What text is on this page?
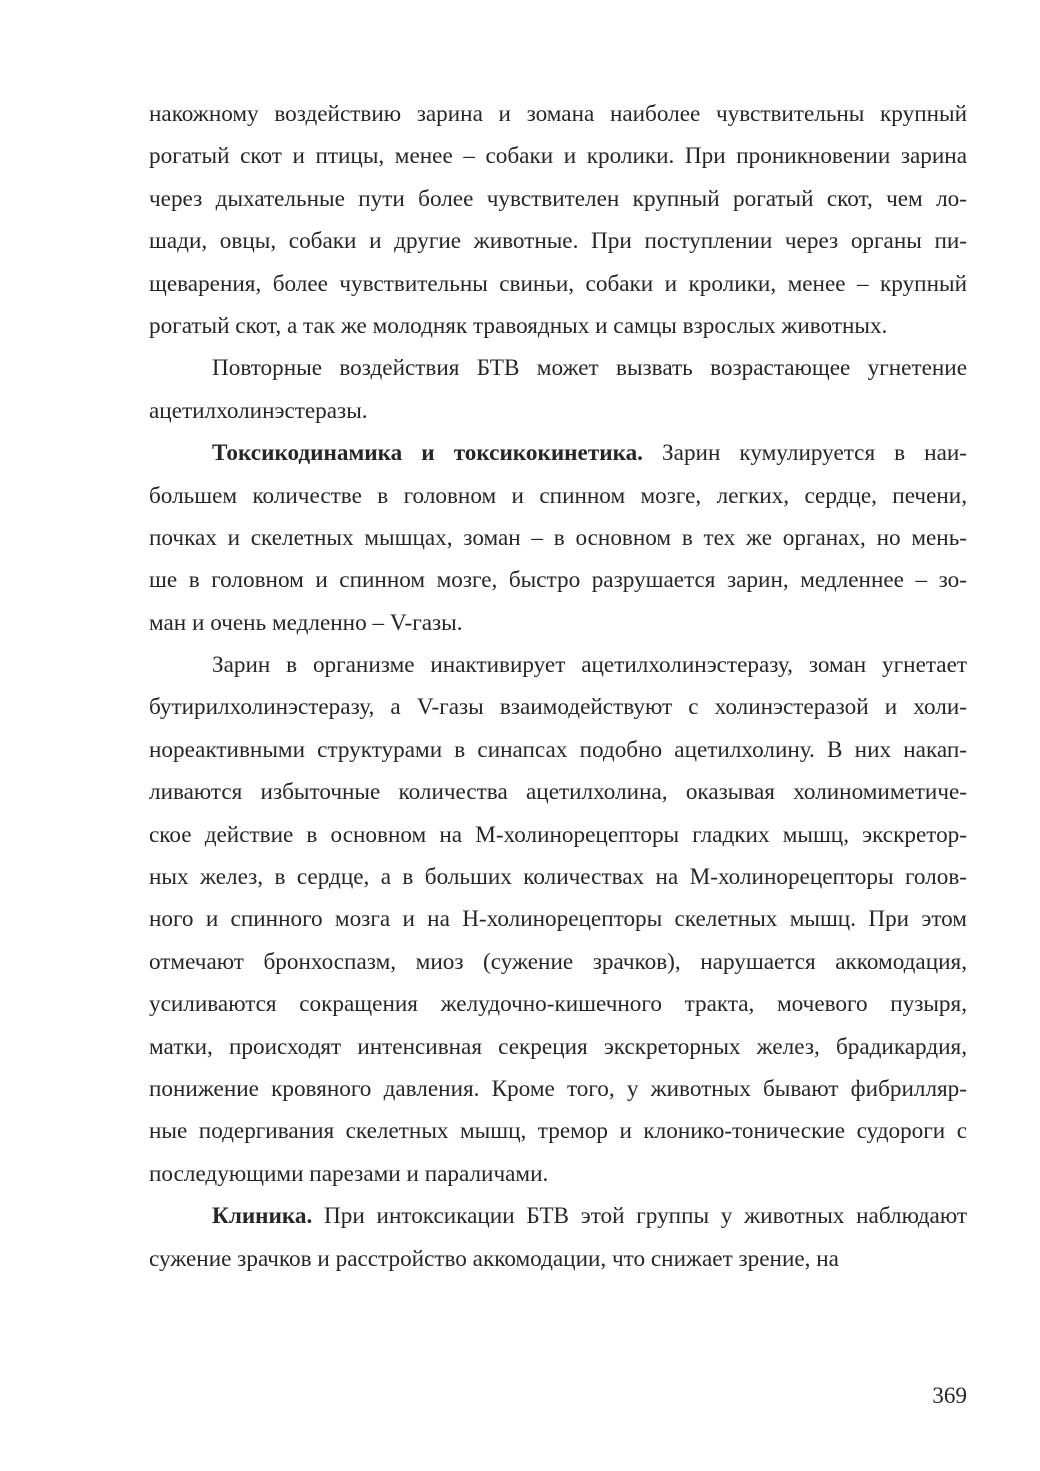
накожному воздействию зарина и зомана наиболее чувствительны крупный
рогатый скот и птицы, менее – собаки и кролики. При проникновении зарина
через дыхательные пути более чувствителен крупный рогатый скот, чем ло-
шади, овцы, собаки и другие животные. При поступлении через органы пи-
щеварения, более чувствительны свиньи, собаки и кролики, менее – крупный
рогатый скот, а так же молодняк травоядных и самцы взрослых животных.
Повторные воздействия БТВ может вызвать возрастающее угнетение
ацетилхолинэстеразы.
Токсикодинамика и токсикокинетика. Зарин кумулируется в наи-
большем количестве в головном и спинном мозге, легких, сердце, печени,
почках и скелетных мышцах, зоман – в основном в тех же органах, но мень-
ше в головном и спинном мозге, быстро разрушается зарин, медленнее – зо-
ман и очень медленно – V-газы.
Зарин в организме инактивирует ацетилхолинэстеразу, зоман угнетает
бутирилхолинэстеразу, а V-газы взаимодействуют с холинэстеразой и холи-
нореактивными структурами в синапсах подобно ацетилхолину. В них накап-
ливаются избыточные количества ацетилхолина, оказывая холиномиметиче-
ское действие в основном на М-холинорецепторы гладких мышц, экскретор-
ных желез, в сердце, а в больших количествах на М-холинорецепторы голов-
ного и спинного мозга и на Н-холинорецепторы скелетных мышц. При этом
отмечают бронхоспазм, миоз (сужение зрачков), нарушается аккомодация,
усиливаются сокращения желудочно-кишечного тракта, мочевого пузыря,
матки, происходят интенсивная секреция экскреторных желез, брадикардия,
понижение кровяного давления. Кроме того, у животных бывают фибрилляр-
ные подергивания скелетных мышц, тремор и клонико-тонические судороги с
последующими парезами и параличами.
Клиника. При интоксикации БТВ этой группы у животных наблюдают
сужение зрачков и расстройство аккомодации, что снижает зрение, на
369
